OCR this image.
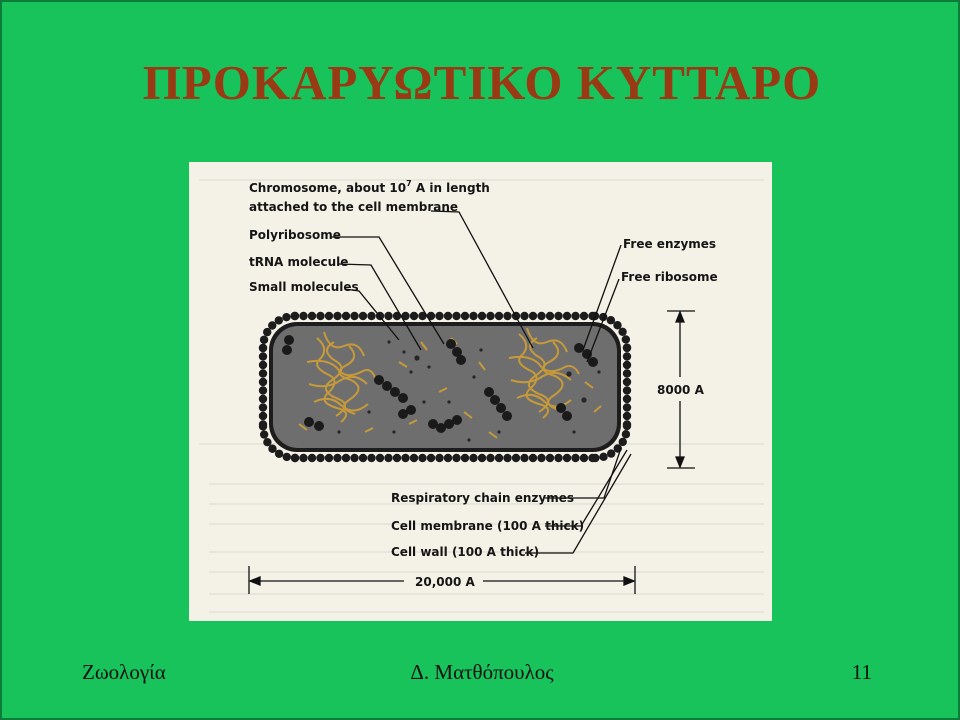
ΠΡΟΚΑΡΥΩΤΙΚΟ ΚΥΤΤΑΡΟ
Chromosome, about $10^7$ A in length
attached to the cell membrane
Polyribosome
tRNA molecule
Small molecules
Free enzymes
Free ribosome
8000 A
Respiratory chain enzymes
Cell membrane (100 A thick)
Cell wall (100 A thick)
20,000 A
Ζωολογία	Δ. Ματθόπουλος	11
